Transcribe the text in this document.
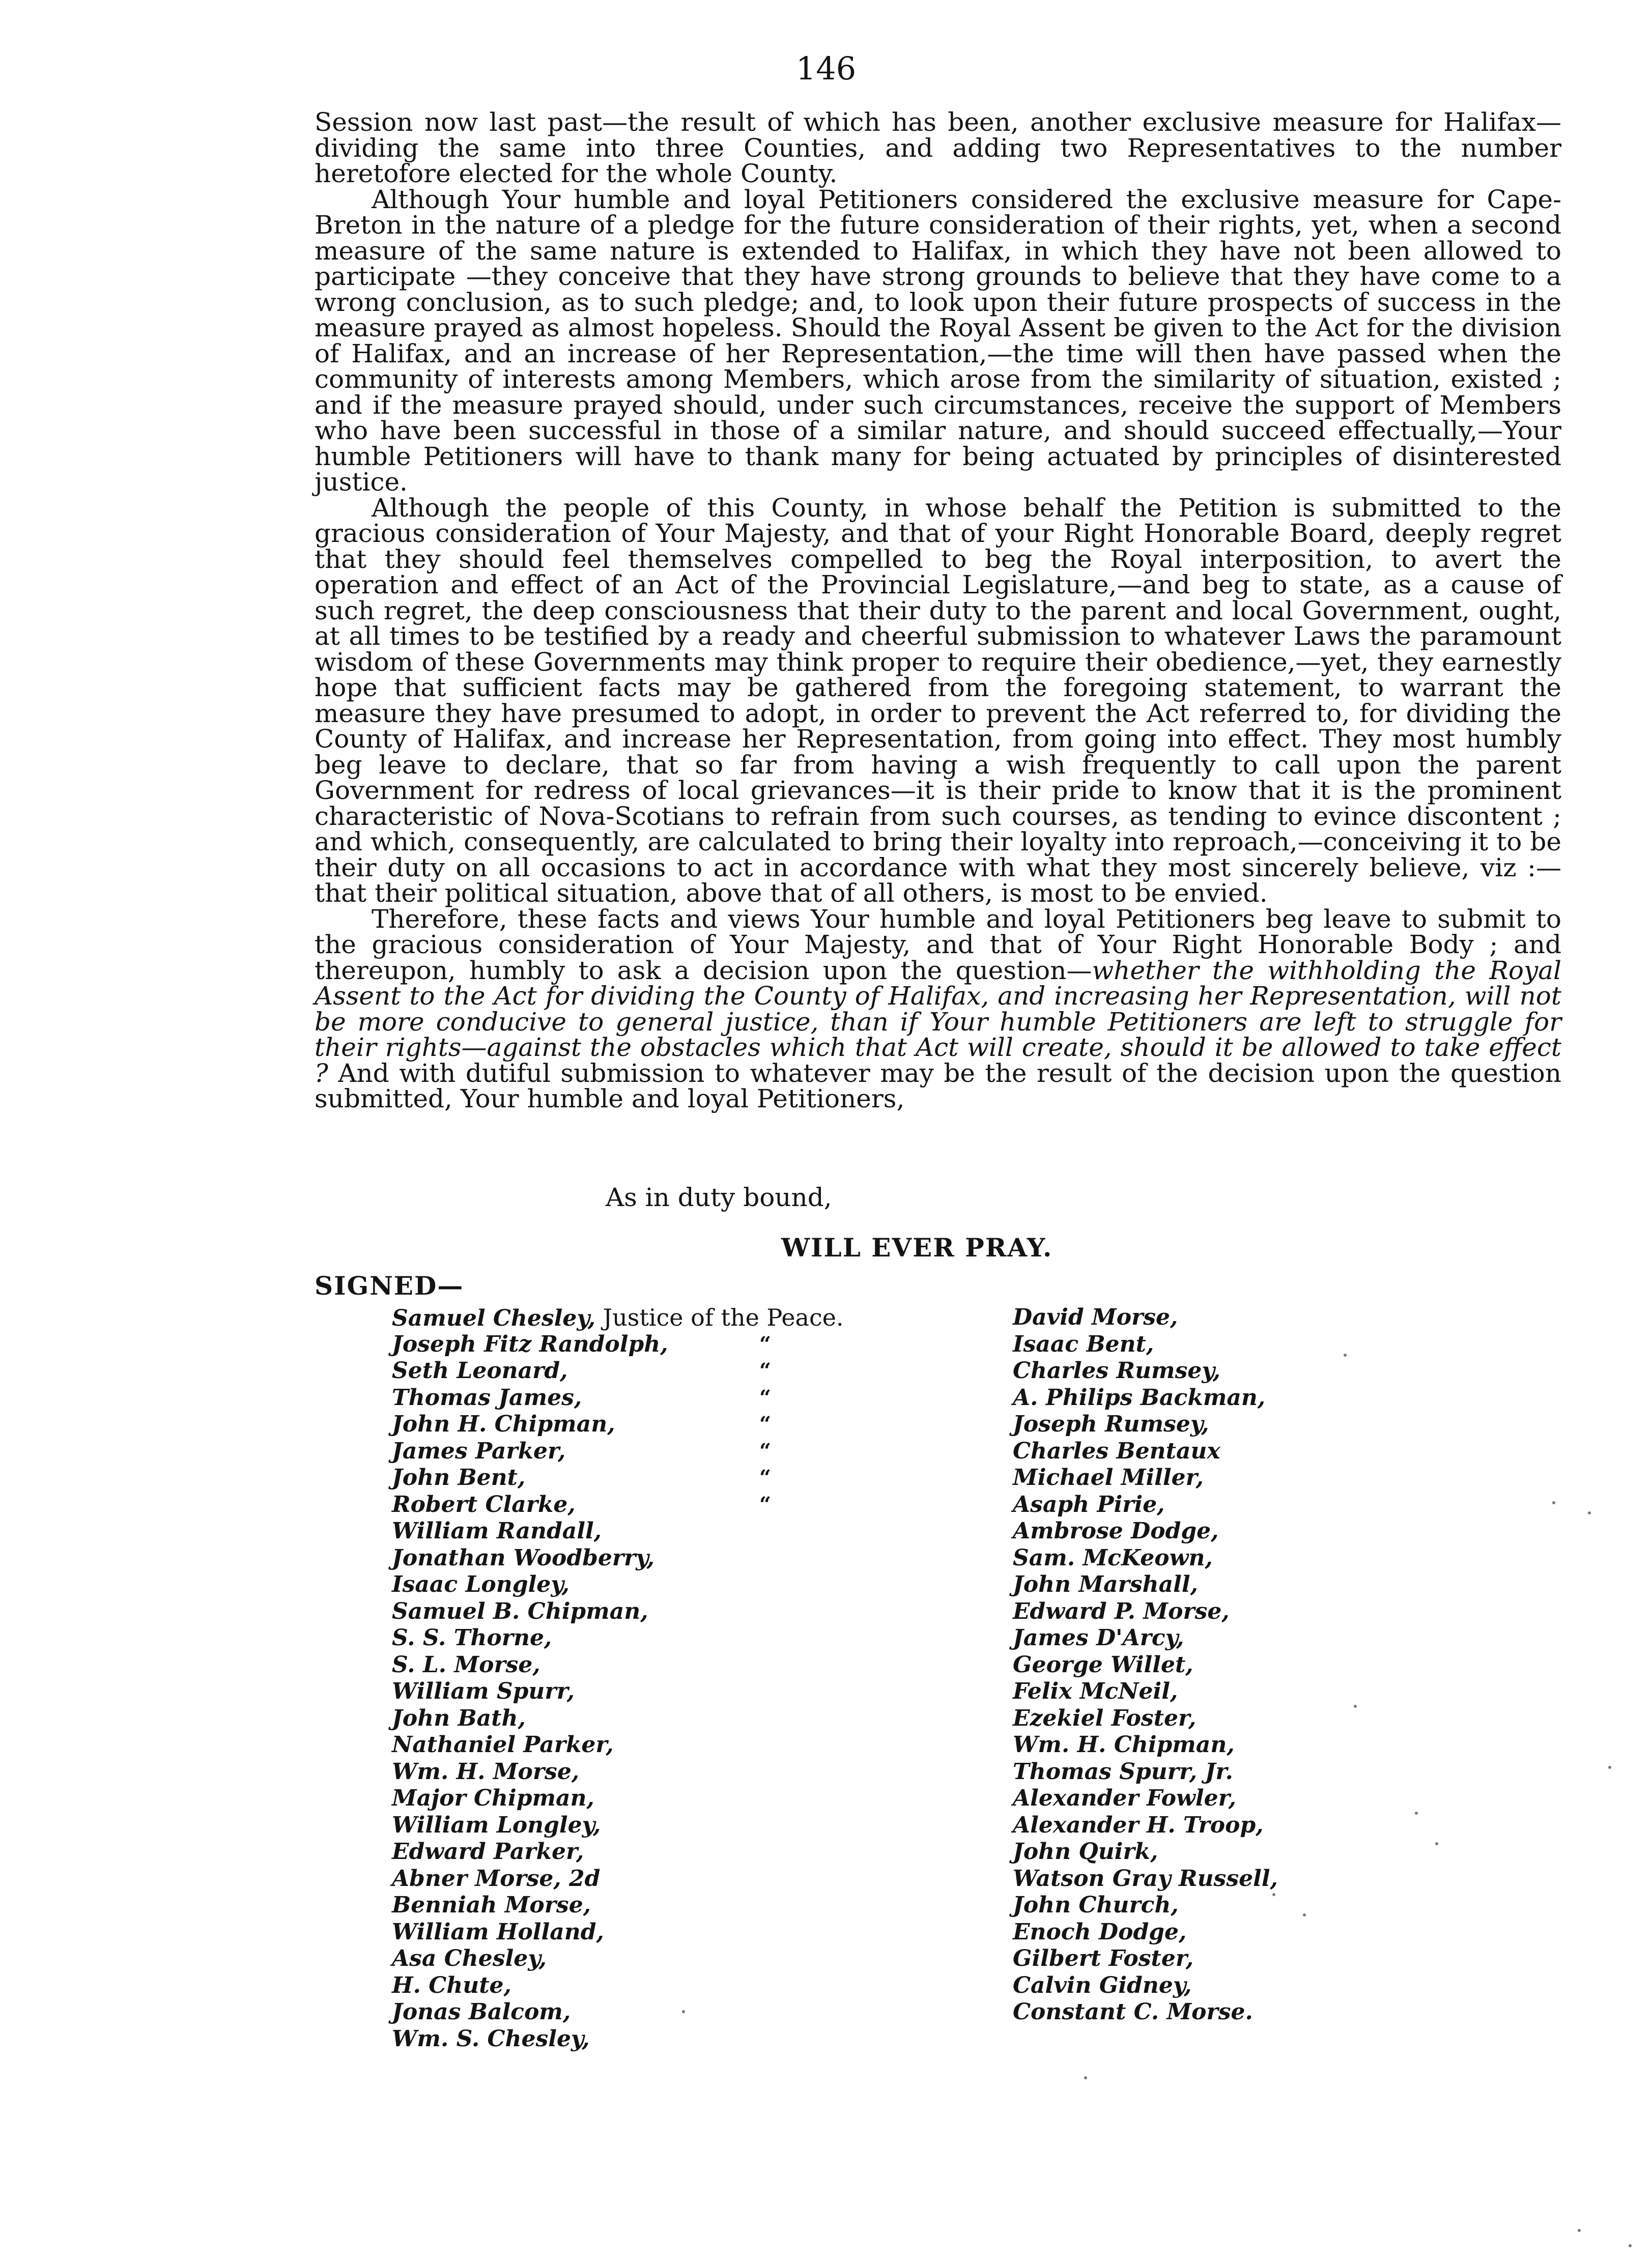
146

Session now last past—the result of which has been, another exclusive measure for Halifax—dividing the same into three Counties, and adding two Representatives to the number heretofore elected for the whole County.

Although Your humble and loyal Petitioners considered the exclusive measure for Cape-Breton in the nature of a pledge for the future consideration of their rights, yet, when a second measure of the same nature is extended to Halifax, in which they have not been allowed to participate —they conceive that they have strong grounds to believe that they have come to a wrong conclusion, as to such pledge; and, to look upon their future prospects of success in the measure prayed as almost hopeless. Should the Royal Assent be given to the Act for the division of Halifax, and an increase of her Representation,—the time will then have passed when the community of interests among Members, which arose from the similarity of situation, existed ; and if the measure prayed should, under such circumstances, receive the support of Members who have been successful in those of a similar nature, and should succeed effectually,—Your humble Petitioners will have to thank many for being actuated by principles of disinterested justice.

Although the people of this County, in whose behalf the Petition is submitted to the gracious consideration of Your Majesty, and that of your Right Honorable Board, deeply regret that they should feel themselves compelled to beg the Royal interposition, to avert the operation and effect of an Act of the Provincial Legislature,—and beg to state, as a cause of such regret, the deep consciousness that their duty to the parent and local Government, ought, at all times to be testified by a ready and cheerful submission to whatever Laws the paramount wisdom of these Governments may think proper to require their obedience,—yet, they earnestly hope that sufficient facts may be gathered from the foregoing statement, to warrant the measure they have presumed to adopt, in order to prevent the Act referred to, for dividing the County of Halifax, and increase her Representation, from going into effect. They most humbly beg leave to declare, that so far from having a wish frequently to call upon the parent Government for redress of local grievances—it is their pride to know that it is the prominent characteristic of Nova-Scotians to refrain from such courses, as tending to evince discontent ; and which, consequently, are calculated to bring their loyalty into reproach,—conceiving it to be their duty on all occasions to act in accordance with what they most sincerely believe, viz :—that their political situation, above that of all others, is most to be envied.

Therefore, these facts and views Your humble and loyal Petitioners beg leave to submit to the gracious consideration of Your Majesty, and that of Your Right Honorable Body ; and thereupon, humbly to ask a decision upon the question—whether the withholding the Royal Assent to the Act for dividing the County of Halifax, and increasing her Representation, will not be more conducive to general justice, than if Your humble Petitioners are left to struggle for their rights—against the obstacles which that Act will create, should it be allowed to take effect ? And with dutiful submission to whatever may be the result of the decision upon the question submitted, Your humble and loyal Petitioners,

As in duty bound,
WILL EVER PRAY.
SIGNED—
Samuel Chesley, Justice of the Peace.
Joseph Fitz Randolph,	“
Seth Leonard,	“
Thomas James,	“
John H. Chipman,	“
James Parker,	“
John Bent,	“
Robert Clarke,	“
William Randall,
Jonathan Woodberry,
Isaac Longley,
Samuel B. Chipman,
S. S. Thorne,
S. L. Morse,
William Spurr,
John Bath,
Nathaniel Parker,
Wm. H. Morse,
Major Chipman,
William Longley,
Edward Parker,
Abner Morse, 2d
Benniah Morse,
William Holland,
Asa Chesley,
H. Chute,
Jonas Balcom,
Wm. S. Chesley,
David Morse,
Isaac Bent,
Charles Rumsey,
A. Philips Backman,
Joseph Rumsey,
Charles Bentaux
Michael Miller,
Asaph Pirie,
Ambrose Dodge,
Sam. McKeown,
John Marshall,
Edward P. Morse,
James D'Arcy,
George Willet,
Felix McNeil,
Ezekiel Foster,
Wm. H. Chipman,
Thomas Spurr, Jr.
Alexander Fowler,
Alexander H. Troop,
John Quirk,
Watson Gray Russell,
John Church,
Enoch Dodge,
Gilbert Foster,
Calvin Gidney,
Constant C. Morse.
